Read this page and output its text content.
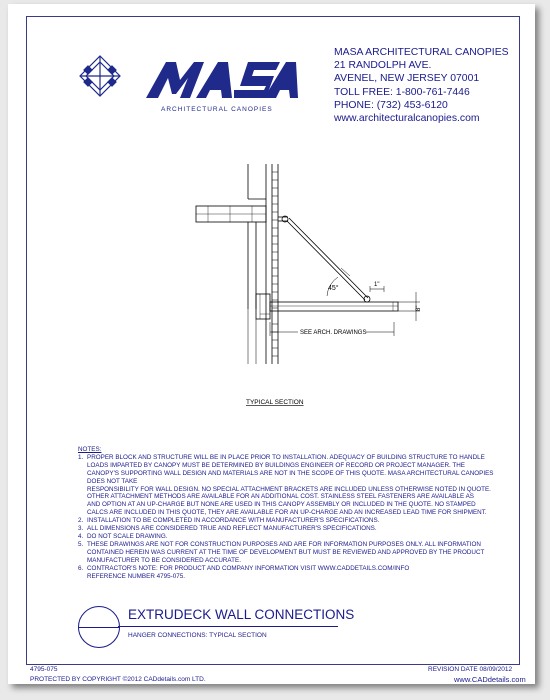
ARCHITECTURAL CANOPIES
MASA ARCHITECTURAL CANOPIES
21 RANDOLPH AVE.
AVENEL, NEW JERSEY 07001
TOLL FREE: 1-800-761-7446
PHONE: (732) 453-6120
www.architecturalcanopies.com
45°	1"
8"
SEE ARCH. DRAWINGS
TYPICAL SECTION
NOTES:
1. PROPER BLOCK AND STRUCTURE WILL BE IN PLACE PRIOR TO INSTALLATION. ADEQUACY OF BUILDING STRUCTURE TO HANDLE
LOADS IMPARTED BY CANOPY MUST BE DETERMINED BY BUILDINGS ENGINEER OF RECORD OR PROJECT MANAGER. THE
CANOPY'S SUPPORTING WALL DESIGN AND MATERIALS ARE NOT IN THE SCOPE OF THIS QUOTE. MASA ARCHITECTURAL CANOPIES DOES NOT TAKE
RESPONSIBILITY FOR WALL DESIGN. NO SPECIAL ATTACHMENT BRACKETS ARE INCLUDED UNLESS OTHERWISE NOTED IN QUOTE.
OTHER ATTACHMENT METHODS ARE AVAILABLE FOR AN ADDITIONAL COST. STAINLESS STEEL FASTENERS ARE AVAILABLE AS
AND OPTION AT AN UP-CHARGE BUT NONE ARE USED IN THIS CANOPY ASSEMBLY OR INCLUDED IN THE QUOTE. NO STAMPED
CALCS ARE INCLUDED IN THIS QUOTE, THEY ARE AVAILABLE FOR AN UP-CHARGE AND AN INCREASED LEAD TIME FOR SHIPMENT.
2. INSTALLATION TO BE COMPLETED IN ACCORDANCE WITH MANUFACTURER'S SPECIFICATIONS.
3. ALL DIMENSIONS ARE CONSIDERED TRUE AND REFLECT MANUFACTURER'S SPECIFICATIONS.
4. DO NOT SCALE DRAWING.
5. THESE DRAWINGS ARE NOT FOR CONSTRUCTION PURPOSES AND ARE FOR INFORMATION PURPOSES ONLY. ALL INFORMATION
CONTAINED HEREIN WAS CURRENT AT THE TIME OF DEVELOPMENT BUT MUST BE REVIEWED AND APPROVED BY THE PRODUCT
MANUFACTURER TO BE CONSIDERED ACCURATE.
6. CONTRACTOR'S NOTE: FOR PRODUCT AND COMPANY INFORMATION VISIT WWW.CADDETAILS.COM/INFO
REFERENCE NUMBER 4795-075.
EXTRUDECK WALL CONNECTIONS
HANGER CONNECTIONS: TYPICAL SECTION
4795-075	REVISION DATE 08/09/2012
PROTECTED BY COPYRIGHT ©2012 CADdetails.com LTD.	www.CADdetails.com
